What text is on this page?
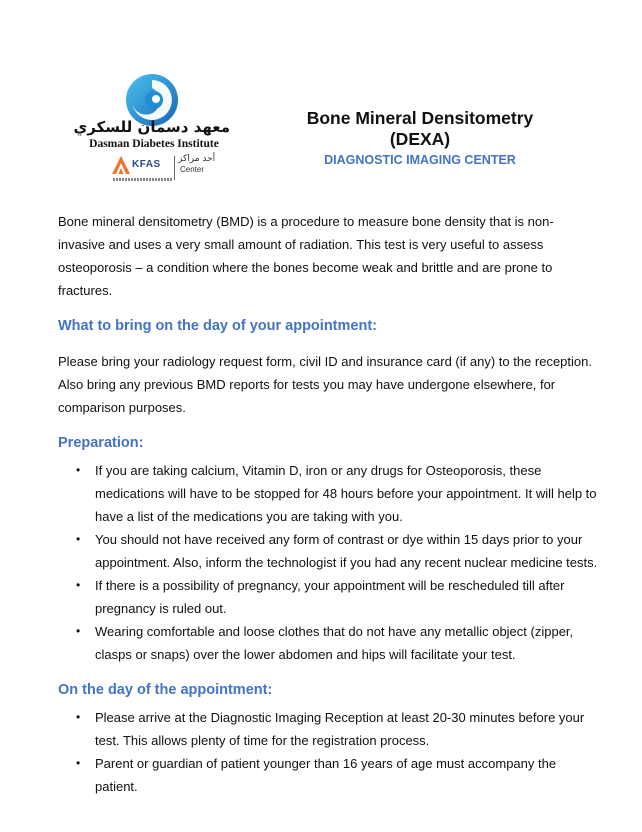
معهد دسمان للسكري
Dasman Diabetes Institute
KFAS أحد مراكز
Center
Bone Mineral Densitometry
(DEXA)
DIAGNOSTIC IMAGING CENTER

Bone mineral densitometry (BMD) is a procedure to measure bone density that is non-invasive and uses a very small amount of radiation. This test is very useful to assess osteoporosis – a condition where the bones become weak and brittle and are prone to fractures.

What to bring on the day of your appointment:

Please bring your radiology request form, civil ID and insurance card (if any) to the reception. Also bring any previous BMD reports for tests you may have undergone elsewhere, for comparison purposes.

Preparation:
• If you are taking calcium, Vitamin D, iron or any drugs for Osteoporosis, these medications will have to be stopped for 48 hours before your appointment. It will help to have a list of the medications you are taking with you.
• You should not have received any form of contrast or dye within 15 days prior to your appointment. Also, inform the technologist if you had any recent nuclear medicine tests.
• If there is a possibility of pregnancy, your appointment will be rescheduled till after pregnancy is ruled out.
• Wearing comfortable and loose clothes that do not have any metallic object (zipper, clasps or snaps) over the lower abdomen and hips will facilitate your test.
On the day of the appointment:
• Please arrive at the Diagnostic Imaging Reception at least 20-30 minutes before your test. This allows plenty of time for the registration process.
• Parent or guardian of patient younger than 16 years of age must accompany the patient.
